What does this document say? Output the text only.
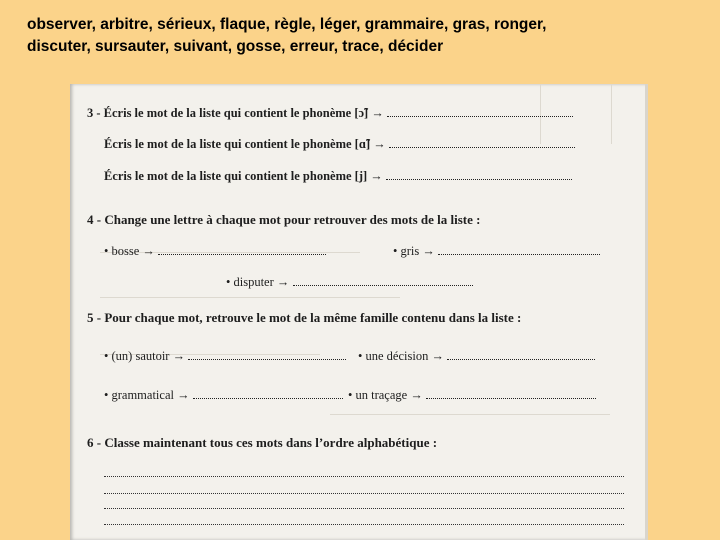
observer, arbitre, sérieux, flaque, règle, léger, grammaire, gras, ronger,
discuter, sursauter, suivant, gosse, erreur, trace, décider
3 - Écris le mot de la liste qui contient le phonème [ɔ̃] →
Écris le mot de la liste qui contient le phonème [ɑ̃] →
Écris le mot de la liste qui contient le phonème [j] →
4 - Change une lettre à chaque mot pour retrouver des mots de la liste :
• bosse →	• gris →
• disputer →
5 - Pour chaque mot, retrouve le mot de la même famille contenu dans la liste :
• (un) sautoir →	• une décision →
• grammatical →	• un traçage →
6 - Classe maintenant tous ces mots dans l’ordre alphabétique :
